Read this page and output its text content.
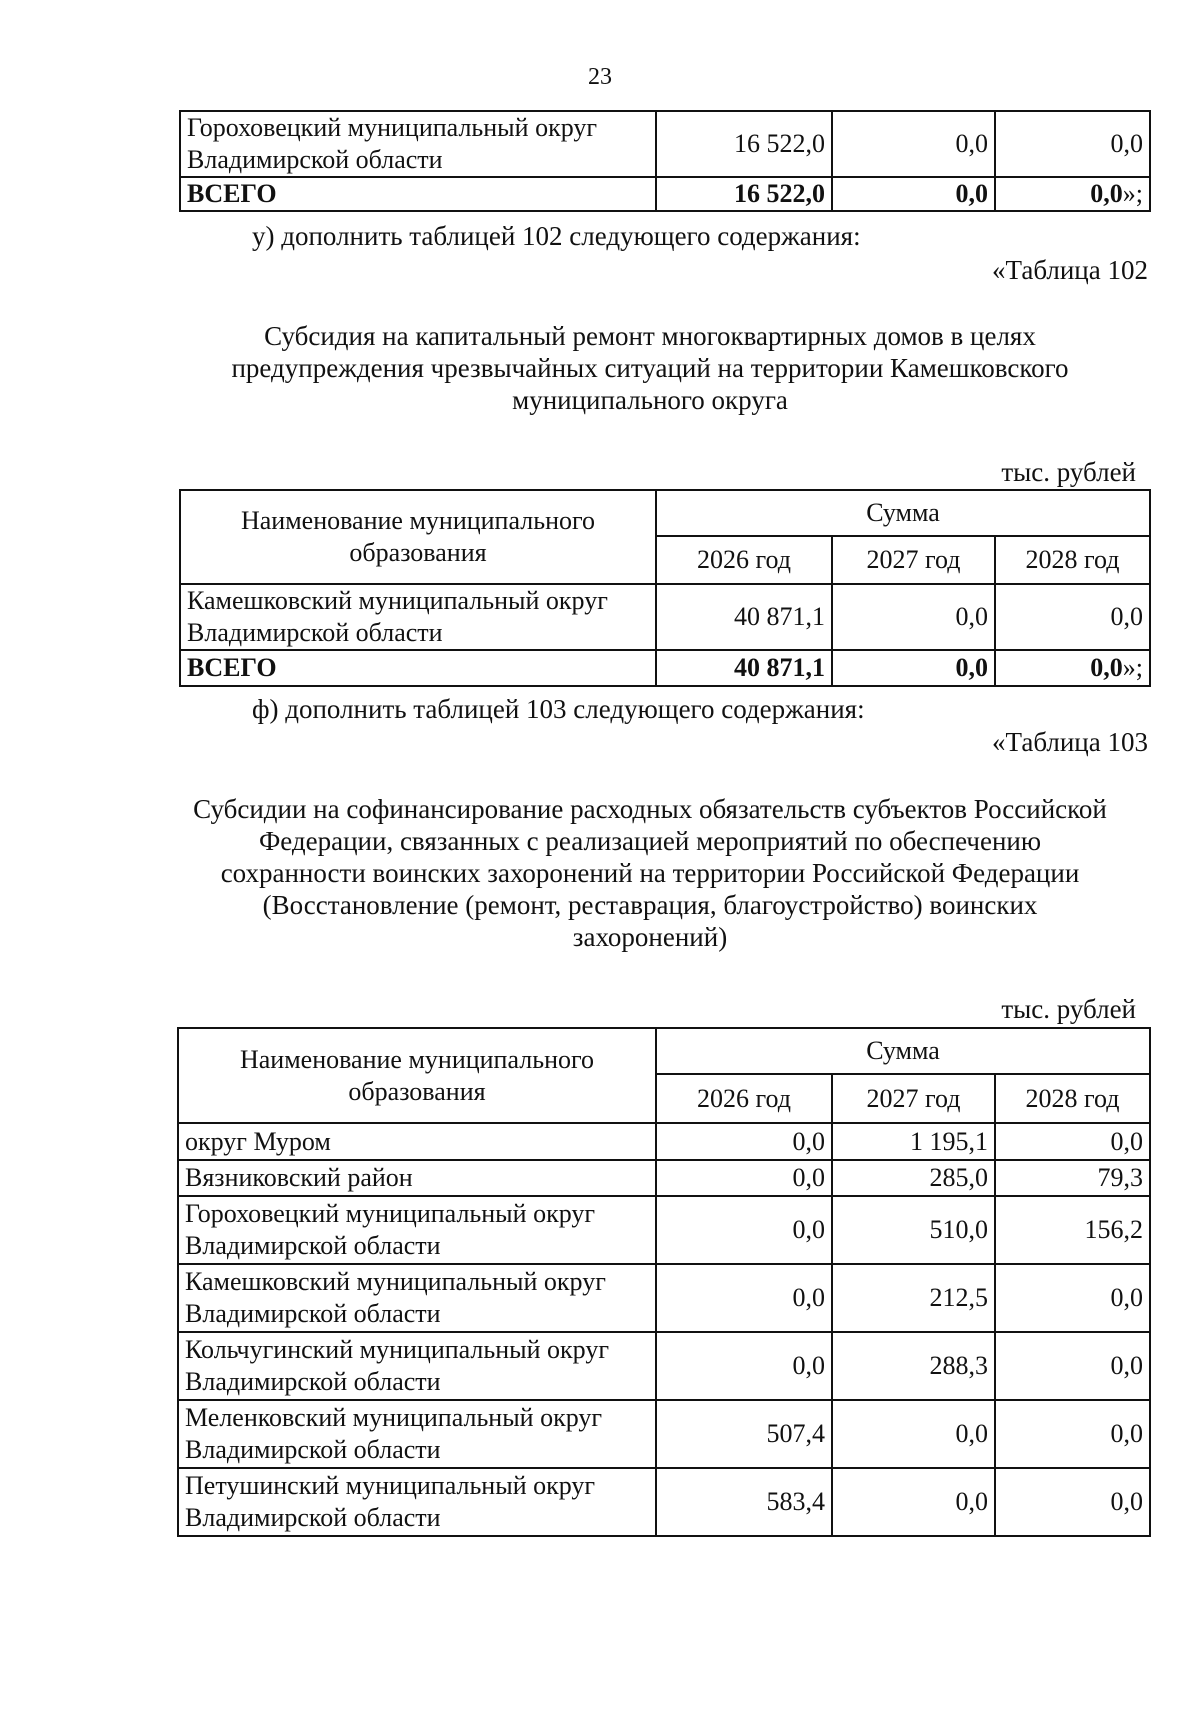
23
Гороховецкий муниципальный округ
Владимирской области	16 522,0	0,0	0,0
ВСЕГО	16 522,0	0,0	0,0»;
у) дополнить таблицей 102 следующего содержания:
«Таблица 102
Субсидия на капитальный ремонт многоквартирных домов в целях
предупреждения чрезвычайных ситуаций на территории Камешковского
муниципального округа
тыс. рублей
Наименование муниципального
образования	Сумма		
	2026 год	2027 год	2028 год
Камешковский муниципальный округ
Владимирской области	40 871,1	0,0	0,0
ВСЕГО	40 871,1	0,0	0,0»;
ф) дополнить таблицей 103 следующего содержания:
«Таблица 103
Субсидии на софинансирование расходных обязательств субъектов Российской
Федерации, связанных с реализацией мероприятий по обеспечению
сохранности воинских захоронений на территории Российской Федерации
(Восстановление (ремонт, реставрация, благоустройство) воинских
захоронений)
тыс. рублей
Наименование муниципального
образования	Сумма		
	2026 год	2027 год	2028 год
округ Муром	0,0	1 195,1	0,0
Вязниковский район	0,0	285,0	79,3
Гороховецкий муниципальный округ
Владимирской области	0,0	510,0	156,2
Камешковский муниципальный округ
Владимирской области	0,0	212,5	0,0
Кольчугинский муниципальный округ
Владимирской области	0,0	288,3	0,0
Меленковский муниципальный округ
Владимирской области	507,4	0,0	0,0
Петушинский муниципальный округ
Владимирской области	583,4	0,0	0,0
